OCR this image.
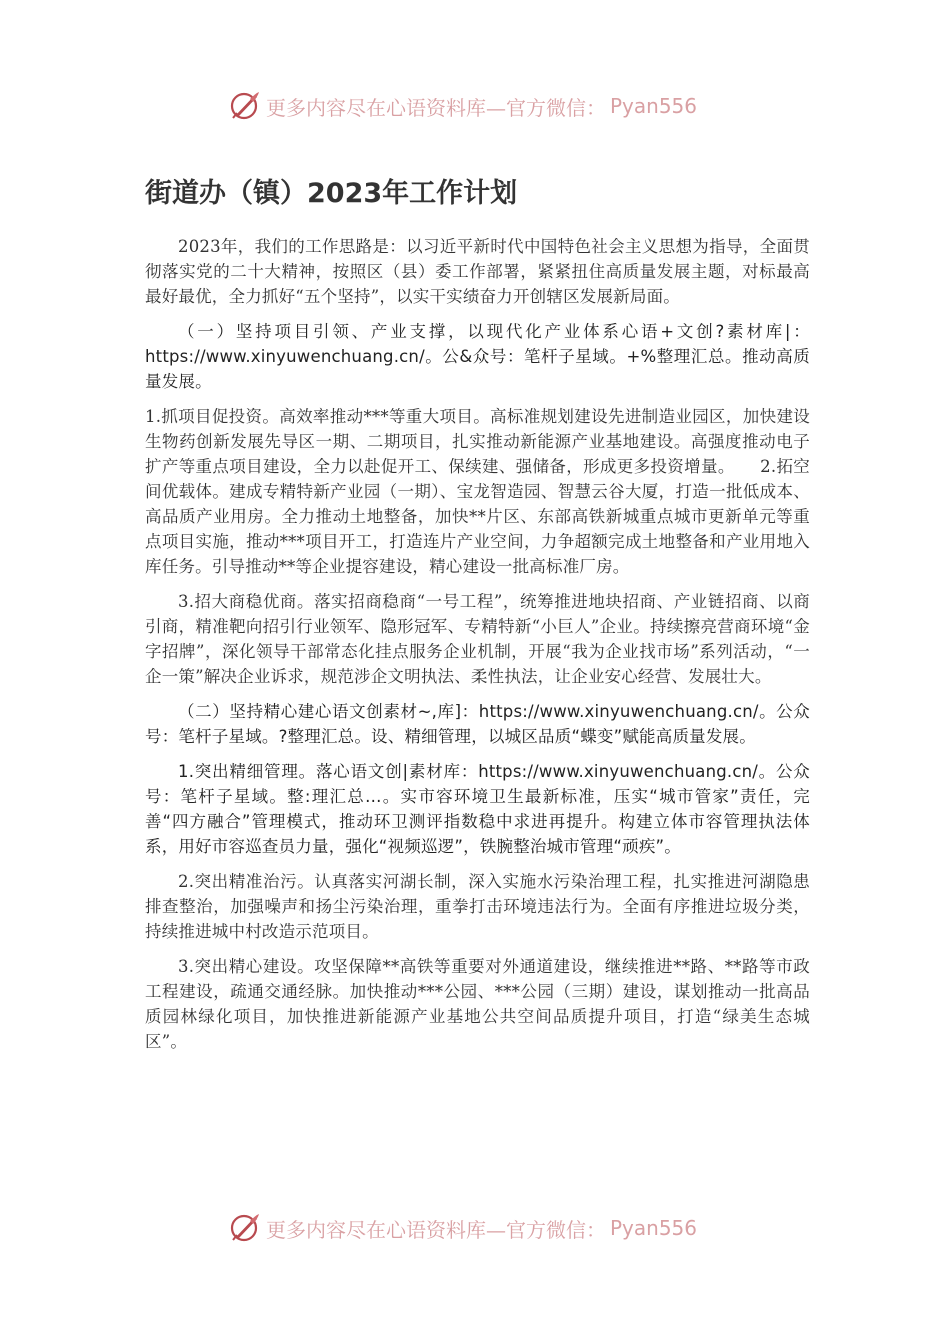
更多内容尽在心语资料库—官方微信： Pyan556
街道办（镇）2023年工作计划

2023年，我们的工作思路是：以习近平新时代中国特色社会主义思想为指导，全面贯彻落实党的二十大精神，按照区（县）委工作部署，紧紧扭住高质量发展主题，对标最高最好最优，全力抓好“五个坚持”，以实干实绩奋力开创辖区发展新局面。

（一）坚持项目引领、产业支撑，以现代化产业体系心语+文创?素材库|：https://www.xinyuwenchuang.cn/。公&众号：笔杆子星域。+%整理汇总。推动高质量发展。

1.抓项目促投资。高效率推动***等重大项目。高标准规划建设先进制造业园区，加快建设生物药创新发展先导区一期、二期项目，扎实推动新能源产业基地建设。高强度推动电子扩产等重点项目建设，全力以赴促开工、保续建、强储备，形成更多投资增量。　　2.拓空间优载体。建成专精特新产业园（一期）、宝龙智造园、智慧云谷大厦，打造一批低成本、高品质产业用房。全力推动土地整备，加快**片区、东部高铁新城重点城市更新单元等重点项目实施，推动***项目开工，打造连片产业空间，力争超额完成土地整备和产业用地入库任务。引导推动**等企业提容建设，精心建设一批高标准厂房。

3.招大商稳优商。落实招商稳商“一号工程”，统筹推进地块招商、产业链招商、以商引商，精准靶向招引行业领军、隐形冠军、专精特新“小巨人”企业。持续擦亮营商环境“金字招牌”，深化领导干部常态化挂点服务企业机制，开展“我为企业找市场”系列活动，“一企一策”解决企业诉求，规范涉企文明执法、柔性执法，让企业安心经营、发展壮大。

（二）坚持精心建心语文创素材~,库]：https://www.xinyuwenchuang.cn/。公众号：笔杆子星域。?整理汇总。设、精细管理，以城区品质“蝶变”赋能高质量发展。

1.突出精细管理。落心语文创|素材库：https://www.xinyuwenchuang.cn/。公众号：笔杆子星域。整:理汇总…。实市容环境卫生最新标准，压实“城市管家”责任，完善“四方融合”管理模式，推动环卫测评指数稳中求进再提升。构建立体市容管理执法体系，用好市容巡查员力量，强化“视频巡逻”，铁腕整治城市管理“顽疾”。

2.突出精准治污。认真落实河湖长制，深入实施水污染治理工程，扎实推进河湖隐患排查整治，加强噪声和扬尘污染治理，重拳打击环境违法行为。全面有序推进垃圾分类，持续推进城中村改造示范项目。

3.突出精心建设。攻坚保障**高铁等重要对外通道建设，继续推进**路、**路等市政工程建设，疏通交通经脉。加快推动***公园、***公园（三期）建设，谋划推动一批高品质园林绿化项目，加快推进新能源产业基地公共空间品质提升项目，打造“绿美生态城区”。

更多内容尽在心语资料库—官方微信： Pyan556
